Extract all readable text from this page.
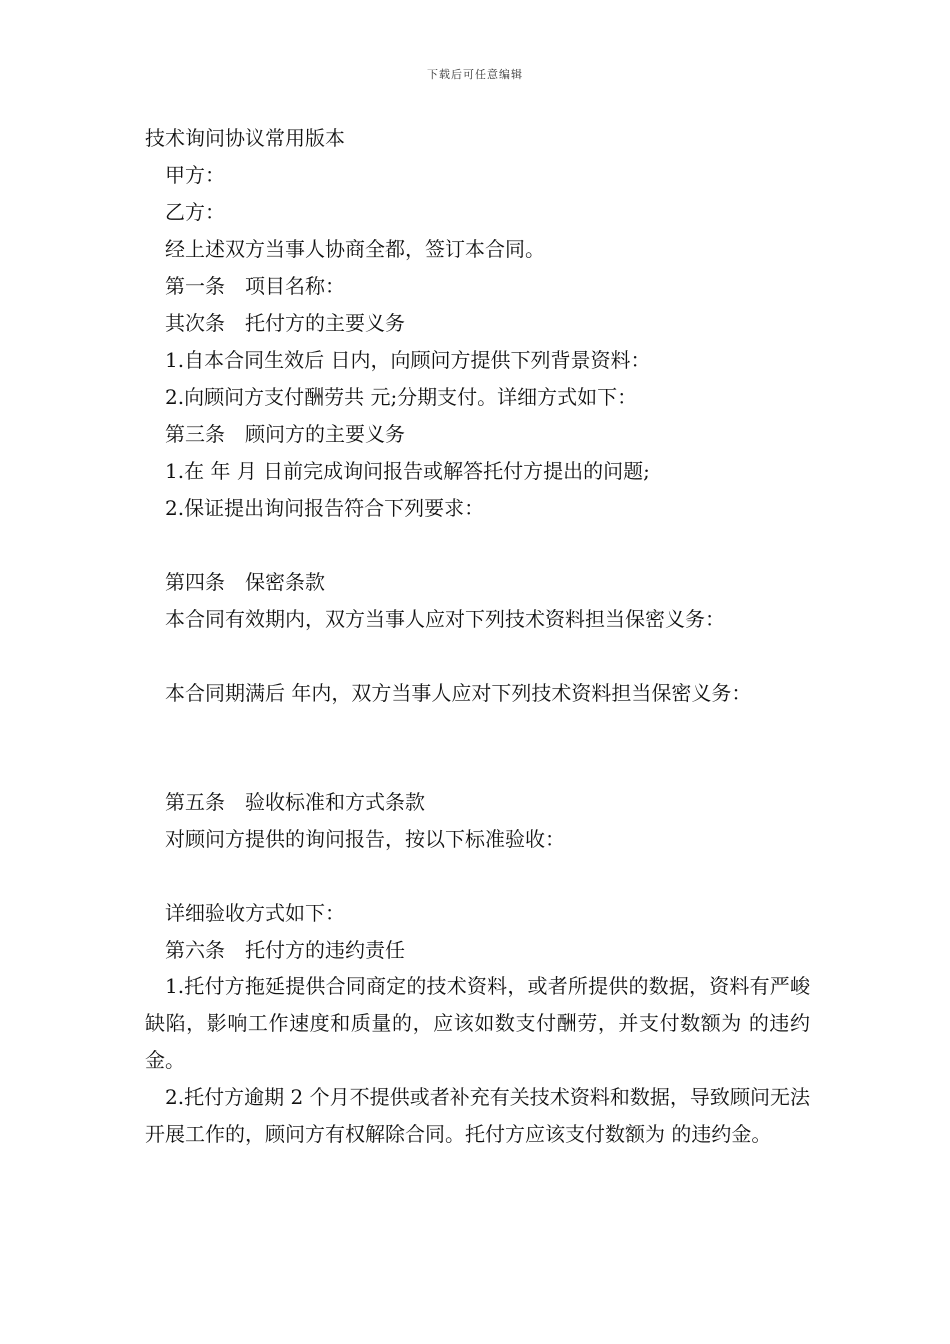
下载后可任意编辑
技术询问协议常用版本
甲方：
乙方：
经上述双方当事人协商全都，签订本合同。
第一条　项目名称：
其次条　托付方的主要义务
1.自本合同生效后 日内，向顾问方提供下列背景资料：
2.向顾问方支付酬劳共 元;分期支付。详细方式如下：
第三条　顾问方的主要义务
1.在 年 月 日前完成询问报告或解答托付方提出的问题;
2.保证提出询问报告符合下列要求：
第四条　保密条款
本合同有效期内，双方当事人应对下列技术资料担当保密义务：
本合同期满后 年内，双方当事人应对下列技术资料担当保密义务：
第五条　验收标准和方式条款
对顾问方提供的询问报告，按以下标准验收：
详细验收方式如下：
第六条　托付方的违约责任
1.托付方拖延提供合同商定的技术资料，或者所提供的数据，资料有严峻缺陷，影响工作速度和质量的，应该如数支付酬劳，并支付数额为 的违约金。
2.托付方逾期 2 个月不提供或者补充有关技术资料和数据，导致顾问无法开展工作的，顾问方有权解除合同。托付方应该支付数额为 的违约金。
